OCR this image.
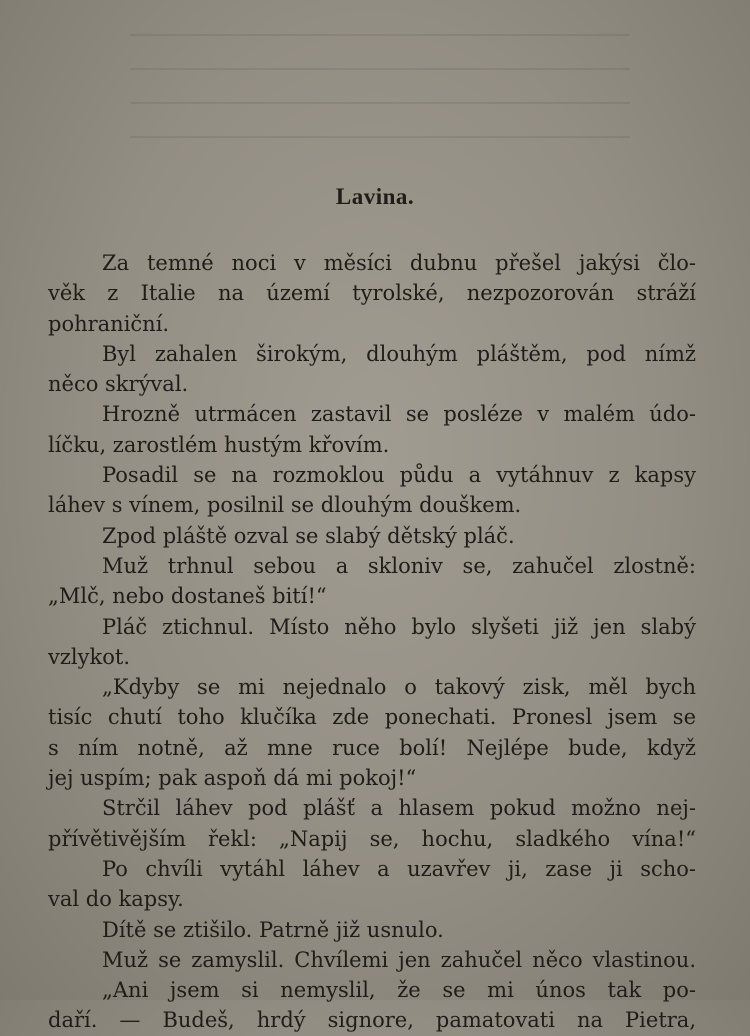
Lavina.
Za temné noci v měsíci dubnu přešel jakýsi člo-
věk z Italie na území tyrolské, nezpozorován stráží
pohraniční.
Byl zahalen širokým, dlouhým pláštěm, pod nímž
něco skrýval.
Hrozně utrmácen zastavil se posléze v malém údo-
líčku, zarostlém hustým křovím.
Posadil se na rozmoklou půdu a vytáhnuv z kapsy
láhev s vínem, posilnil se dlouhým douškem.
Zpod pláště ozval se slabý dětský pláč.
Muž trhnul sebou a skloniv se, zahučel zlostně:
„Mlč, nebo dostaneš bití!“
Pláč ztichnul. Místo něho bylo slyšeti již jen slabý
vzlykot.
„Kdyby se mi nejednalo o takový zisk, měl bych
tisíc chutí toho klučíka zde ponechati. Pronesl jsem se
s ním notně, až mne ruce bolí! Nejlépe bude, když
jej uspím; pak aspoň dá mi pokoj!“
Strčil láhev pod plášť a hlasem pokud možno nej-
přívětivějším řekl: „Napij se, hochu, sladkého vína!“
Po chvíli vytáhl láhev a uzavřev ji, zase ji scho-
val do kapsy.
Dítě se ztišilo. Patrně již usnulo.
Muž se zamyslil. Chvílemi jen zahučel něco vlastinou.
„Ani jsem si nemyslil, že se mi únos tak po-
daří. — Budeš, hrdý signore, pamatovati na Pietra,
